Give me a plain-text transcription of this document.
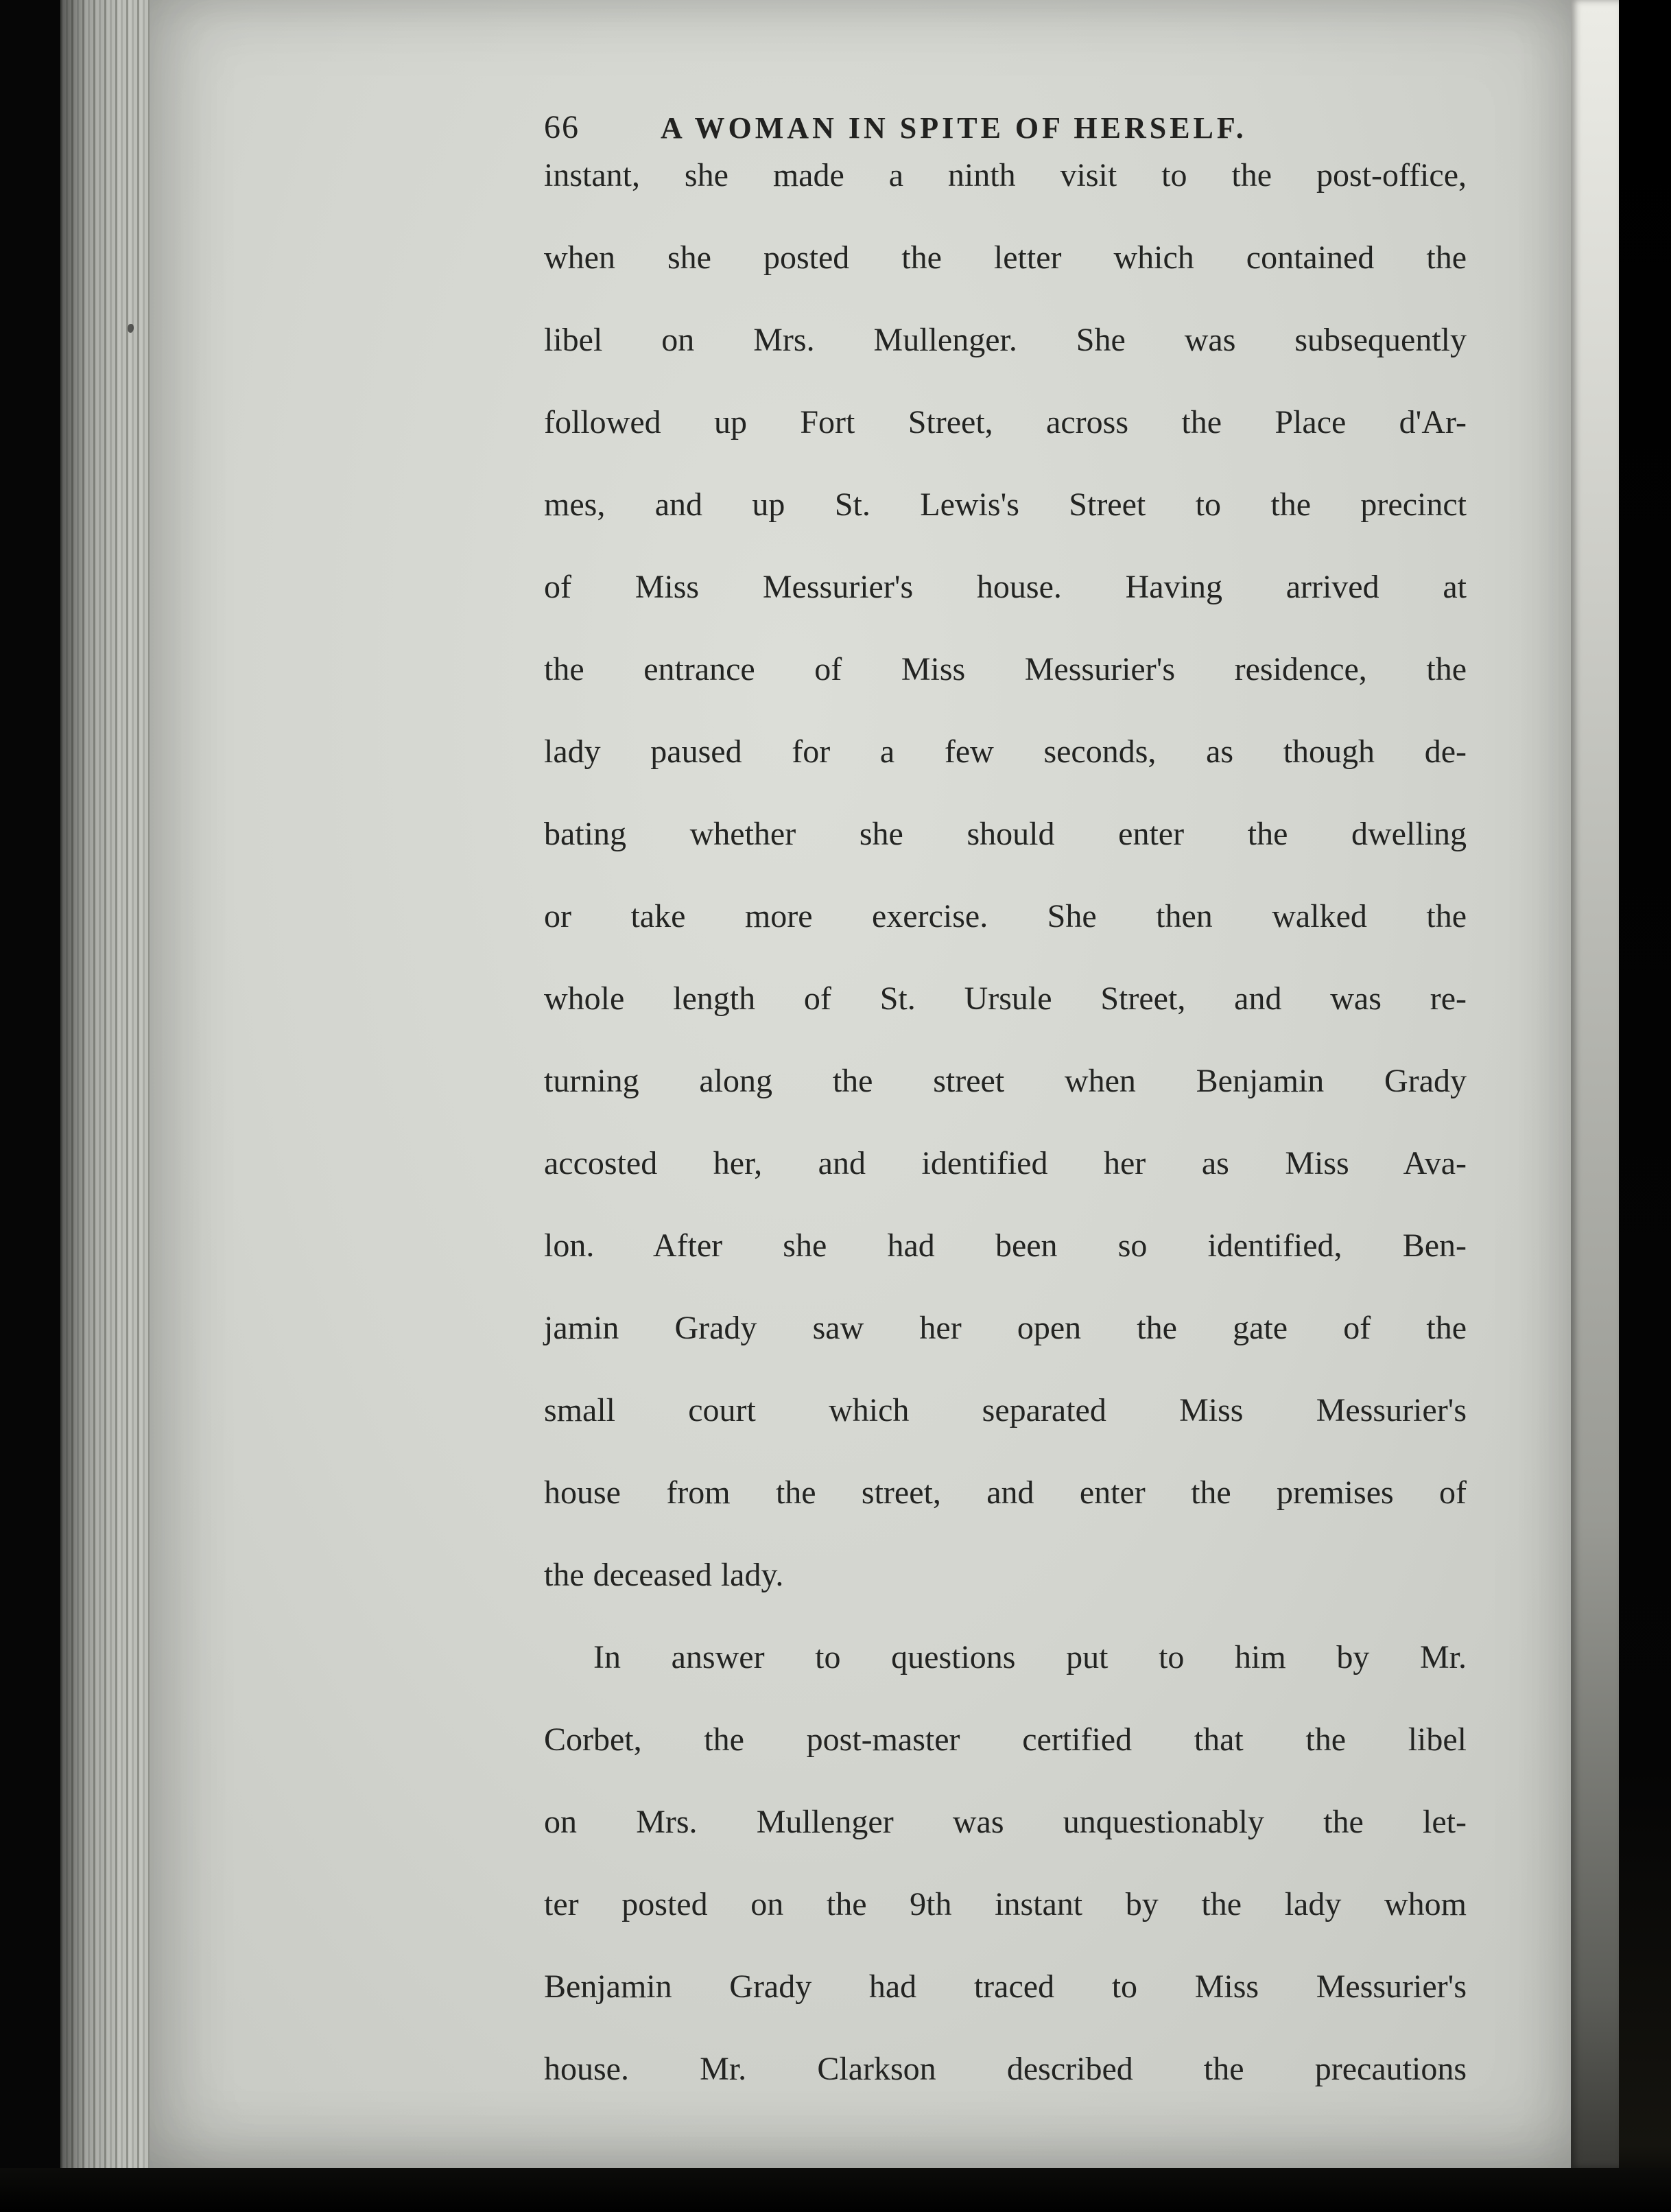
66	A WOMAN IN SPITE OF HERSELF.
instant, she made a ninth visit to the post-office,
when she posted the letter which contained the
libel on Mrs. Mullenger. She was subsequently
followed up Fort Street, across the Place d'Ar-
mes, and up St. Lewis's Street to the precinct
of Miss Messurier's house. Having arrived at
the entrance of Miss Messurier's residence, the
lady paused for a few seconds, as though de-
bating whether she should enter the dwelling
or take more exercise. She then walked the
whole length of St. Ursule Street, and was re-
turning along the street when Benjamin Grady
accosted her, and identified her as Miss Ava-
lon. After she had been so identified, Ben-
jamin Grady saw her open the gate of the
small court which separated Miss Messurier's
house from the street, and enter the premises of
the deceased lady.
In answer to questions put to him by Mr.
Corbet, the post-master certified that the libel
on Mrs. Mullenger was unquestionably the let-
ter posted on the 9th instant by the lady whom
Benjamin Grady had traced to Miss Messurier's
house. Mr. Clarkson described the precautions
